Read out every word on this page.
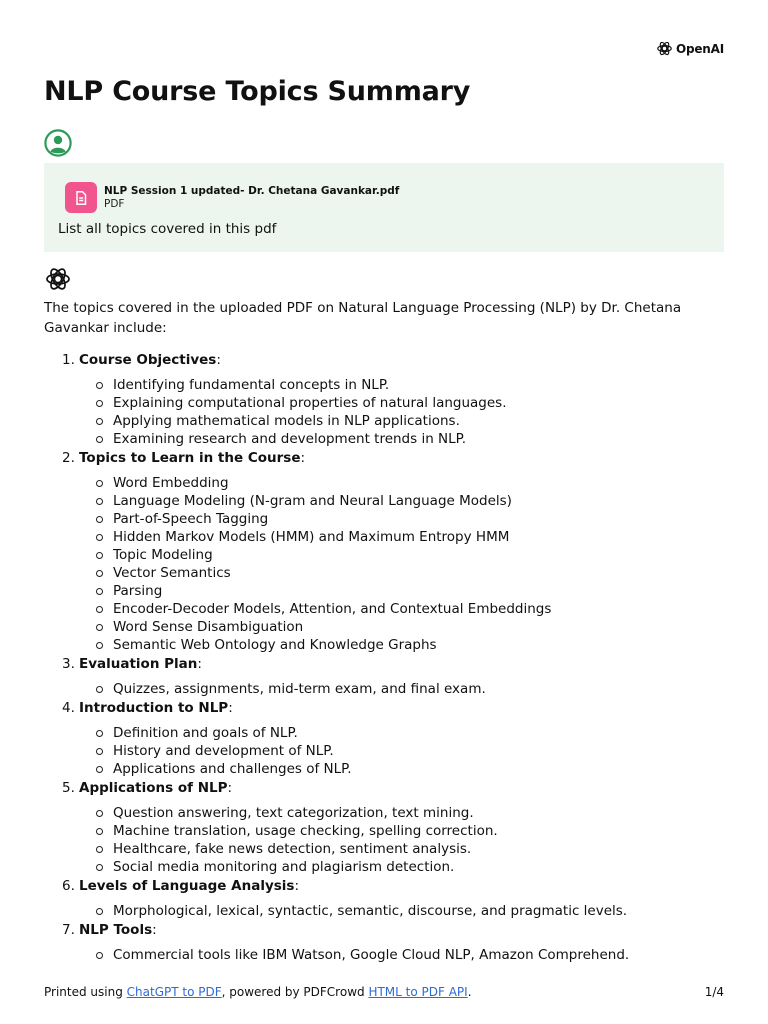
OpenAI
NLP Course Topics Summary
NLP Session 1 updated- Dr. Chetana Gavankar.pdf
PDF
List all topics covered in this pdf

The topics covered in the uploaded PDF on Natural Language Processing (NLP) by Dr. Chetana Gavankar include:

1. Course Objectives:
Identifying fundamental concepts in NLP.
Explaining computational properties of natural languages.
Applying mathematical models in NLP applications.
Examining research and development trends in NLP.
2. Topics to Learn in the Course:
Word Embedding
Language Modeling (N-gram and Neural Language Models)
Part-of-Speech Tagging
Hidden Markov Models (HMM) and Maximum Entropy HMM
Topic Modeling
Vector Semantics
Parsing
Encoder-Decoder Models, Attention, and Contextual Embeddings
Word Sense Disambiguation
Semantic Web Ontology and Knowledge Graphs
3. Evaluation Plan:
Quizzes, assignments, mid-term exam, and final exam.
4. Introduction to NLP:
Definition and goals of NLP.
History and development of NLP.
Applications and challenges of NLP.
5. Applications of NLP:
Question answering, text categorization, text mining.
Machine translation, usage checking, spelling correction.
Healthcare, fake news detection, sentiment analysis.
Social media monitoring and plagiarism detection.
6. Levels of Language Analysis:
Morphological, lexical, syntactic, semantic, discourse, and pragmatic levels.
7. NLP Tools:
Commercial tools like IBM Watson, Google Cloud NLP, Amazon Comprehend.
Printed using ChatGPT to PDF, powered by PDFCrowd HTML to PDF API.	1/4
